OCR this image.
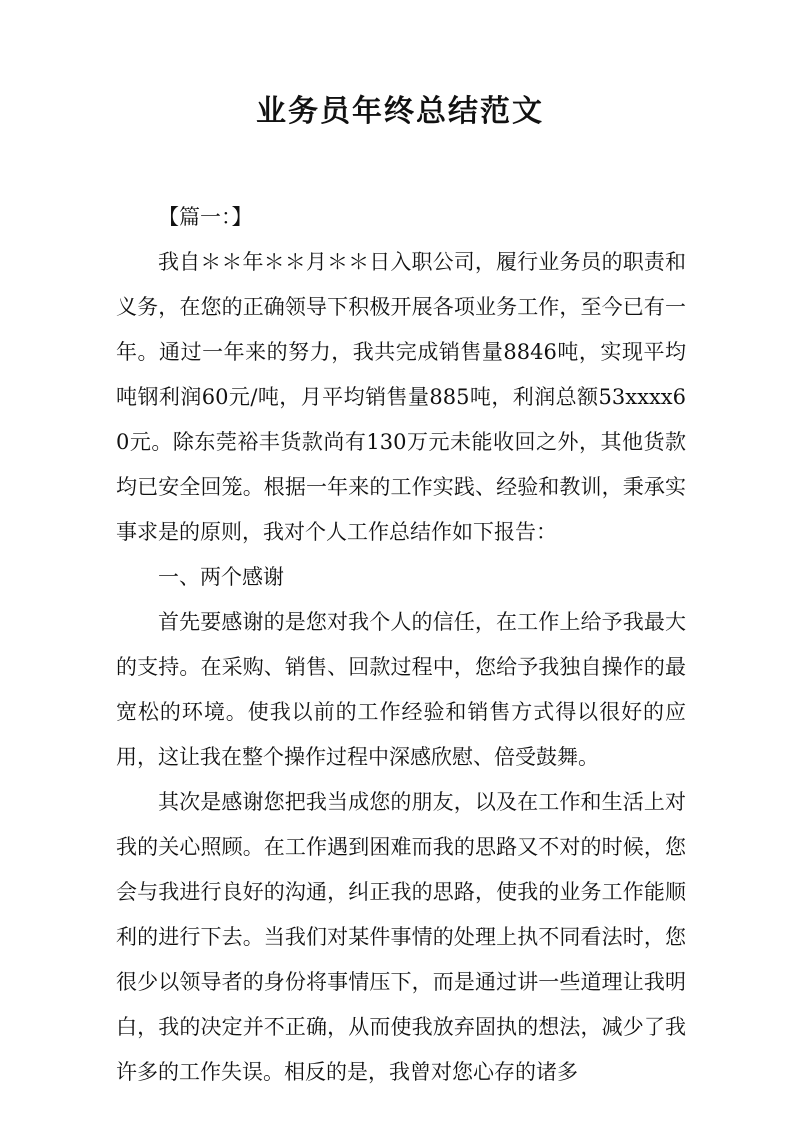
业务员年终总结范文

【篇一：】

我自＊＊年＊＊月＊＊日入职公司，履行业务员的职责和义务，在您的正确领导下积极开展各项业务工作，至今已有一年。通过一年来的努力，我共完成销售量8846吨，实现平均吨钢利润60元/吨，月平均销售量885吨，利润总额53xxxx60元。除东莞裕丰货款尚有130万元未能收回之外，其他货款均已安全回笼。根据一年来的工作实践、经验和教训，秉承实事求是的原则，我对个人工作总结作如下报告：

一、两个感谢

首先要感谢的是您对我个人的信任，在工作上给予我最大的支持。在采购、销售、回款过程中，您给予我独自操作的最宽松的环境。使我以前的工作经验和销售方式得以很好的应用，这让我在整个操作过程中深感欣慰、倍受鼓舞。

其次是感谢您把我当成您的朋友，以及在工作和生活上对我的关心照顾。在工作遇到困难而我的思路又不对的时候，您会与我进行良好的沟通，纠正我的思路，使我的业务工作能顺利的进行下去。当我们对某件事情的处理上执不同看法时，您很少以领导者的身份将事情压下，而是通过讲一些道理让我明白，我的决定并不正确，从而使我放弃固执的想法，减少了我许多的工作失误。相反的是，我曾对您心存的诸多
